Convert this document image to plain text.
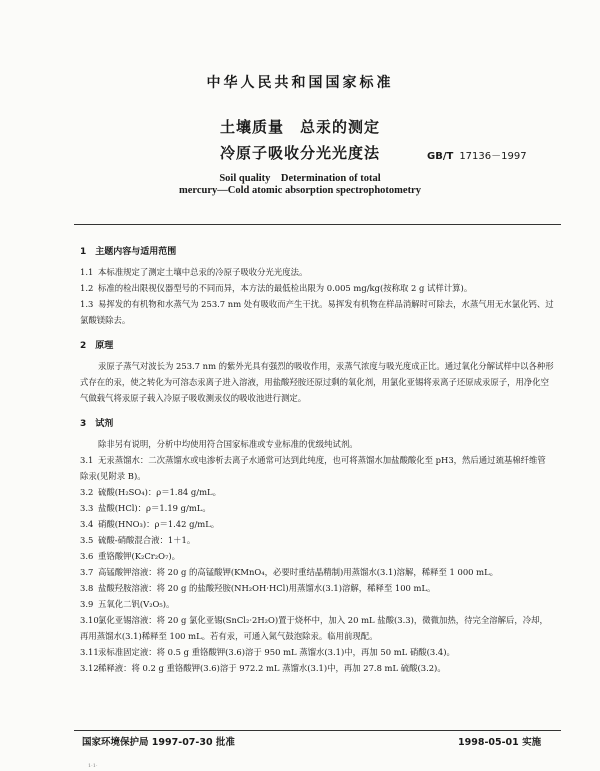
中华人民共和国国家标准
土壤质量　总汞的测定
冷原子吸收分光光度法	GB/T 17136－1997
Soil quality　Determination of total
mercury—Cold atomic absorption spectrophotometry

1　主题内容与适用范围

1.1 本标准规定了测定土壤中总汞的冷原子吸收分光光度法。

1.2 标准的检出限视仪器型号的不同而异，本方法的最低检出限为 0.005 mg/kg(按称取 2 g 试样计算)。

1.3 易挥发的有机物和水蒸气为 253.7 nm 处有吸收而产生干扰。易挥发有机物在样品消解时可除去，水蒸气用无水氯化钙、过氯酸镁除去。

2　原理

汞原子蒸气对波长为 253.7 nm 的紫外光具有强烈的吸收作用，汞蒸气浓度与吸光度成正比。通过氧化分解试样中以各种形式存在的汞，使之转化为可溶态汞离子进入溶液，用盐酸羟胺还原过剩的氧化剂，用氯化亚锡将汞离子还原成汞原子，用净化空气做载气将汞原子载入冷原子吸收测汞仪的吸收池进行测定。

3　试剂

除非另有说明，分析中均使用符合国家标准或专业标准的优级纯试剂。

3.1 无汞蒸馏水：二次蒸馏水或电渗析去离子水通常可达到此纯度，也可将蒸馏水加盐酸酸化至 pH3，然后通过巯基棉纤维管除汞(见附录 B)。

3.2 硫酸(H₂SO₄)：ρ＝1.84 g/mL。

3.3 盐酸(HCl)：ρ＝1.19 g/mL。

3.4 硝酸(HNO₃)：ρ＝1.42 g/mL。

3.5 硫酸-硝酸混合液：1＋1。

3.6 重铬酸钾(K₂Cr₂O₇)。

3.7 高锰酸钾溶液：将 20 g 的高锰酸钾(KMnO₄，必要时重结晶精制)用蒸馏水(3.1)溶解，稀释至 1 000 mL。

3.8 盐酸羟胺溶液：将 20 g 的盐酸羟胺(NH₂OH·HCl)用蒸馏水(3.1)溶解，稀释至 100 mL。

3.9 五氧化二钒(V₂O₅)。

3.10氯化亚锡溶液：将 20 g 氯化亚锡(SnCl₂·2H₂O)置于烧杯中，加入 20 mL 盐酸(3.3)，微微加热，待完全溶解后，冷却，再用蒸馏水(3.1)稀释至 100 mL。若有汞，可通入氮气鼓泡除汞。临用前现配。

3.11汞标准固定液：将 0.5 g 重铬酸钾(3.6)溶于 950 mL 蒸馏水(3.1)中，再加 50 mL 硝酸(3.4)。

3.12稀释液：将 0.2 g 重铬酸钾(3.6)溶于 972.2 mL 蒸馏水(3.1)中，再加 27.8 mL 硫酸(3.2)。

国家环境保护局 1997-07-30 批准	1998-05-01 实施
1·1·
